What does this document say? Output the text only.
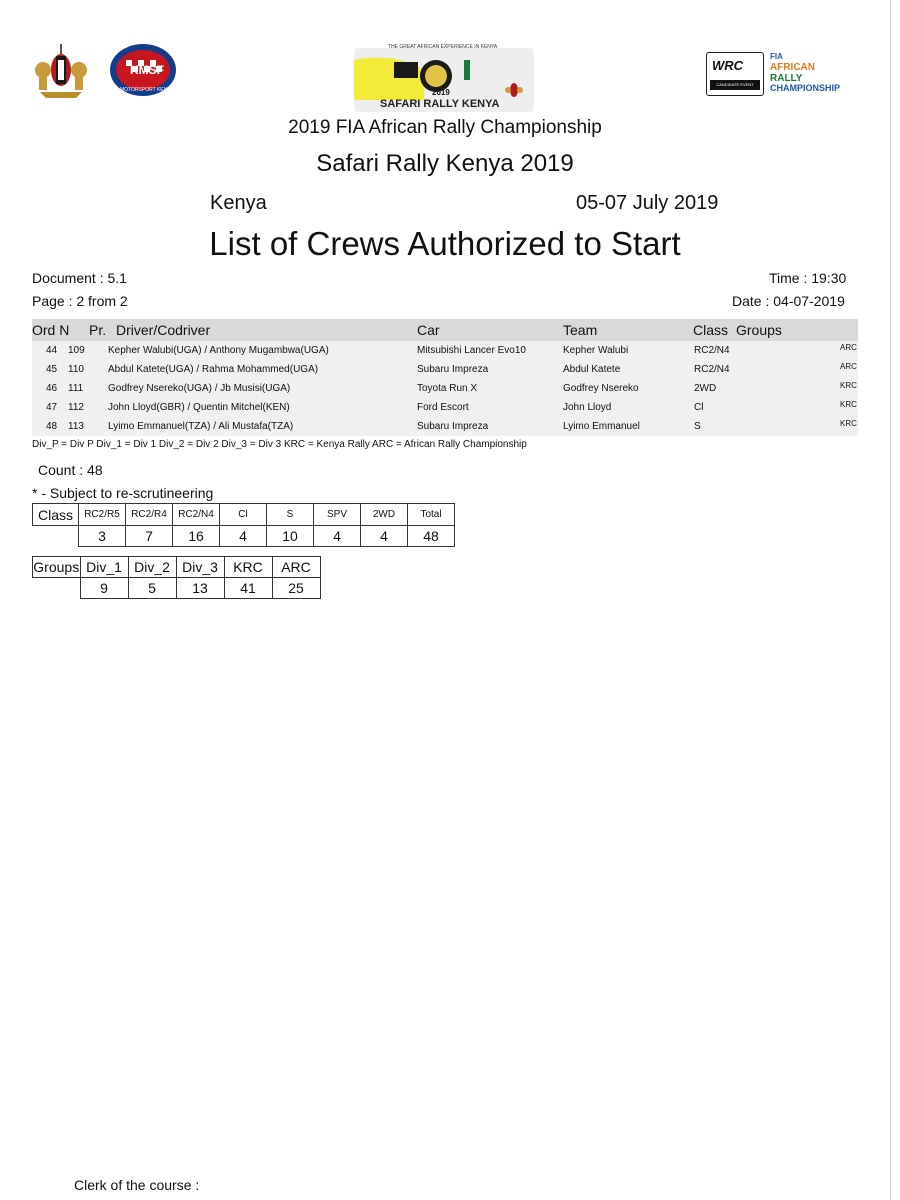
KMSF
MOTORSPORT KENYA
THE GREAT AFRICAN EXPERIENCE IN KENYA
2019
SAFARI RALLY KENYA
WRC
CANDIDATE EVENT
FIA
AFRICAN
RALLY
CHAMPIONSHIP
2019 FIA African Rally Championship
Safari Rally Kenya 2019
Kenya	05-07 July 2019
List of Crews Authorized to Start
Document : 5.1
Page : 2 from 2
Time : 19:30
Date : 04-07-2019
Ord N Pr. Driver/Codriver	Car	Team	Class Groups
44 109 Kepher Walubi(UGA) / Anthony Mugambwa(UGA)	Mitsubishi Lancer Evo10	Kepher Walubi	RC2/N4	ARC
45 110 Abdul Katete(UGA) / Rahma Mohammed(UGA)	Subaru Impreza	Abdul Katete	RC2/N4	ARC
46 111 Godfrey Nsereko(UGA) / Jb Musisi(UGA)	Toyota Run X	Godfrey Nsereko	2WD	KRC
47 112 John Lloyd(GBR) / Quentin Mitchel(KEN)	Ford Escort	John Lloyd	Cl	KRC
48 113 Lyimo Emmanuel(TZA) / Ali Mustafa(TZA)	Subaru Impreza	Lyimo Emmanuel	S	KRC
Div_P = Div P Div_1 = Div 1 Div_2 = Div 2 Div_3 = Div 3 KRC = Kenya Rally ARC = African Rally Championship
Count : 48
* - Subject to re-scrutineering
Class	RC2/R5	RC2/R4	RC2/N4	Cl	S	SPV	2WD	Total
	3	7	16	4	10	4	4	48
Groups	Div_1	Div_2	Div_3	KRC	ARC
	9	5	13	41	25
Clerk of the course :
